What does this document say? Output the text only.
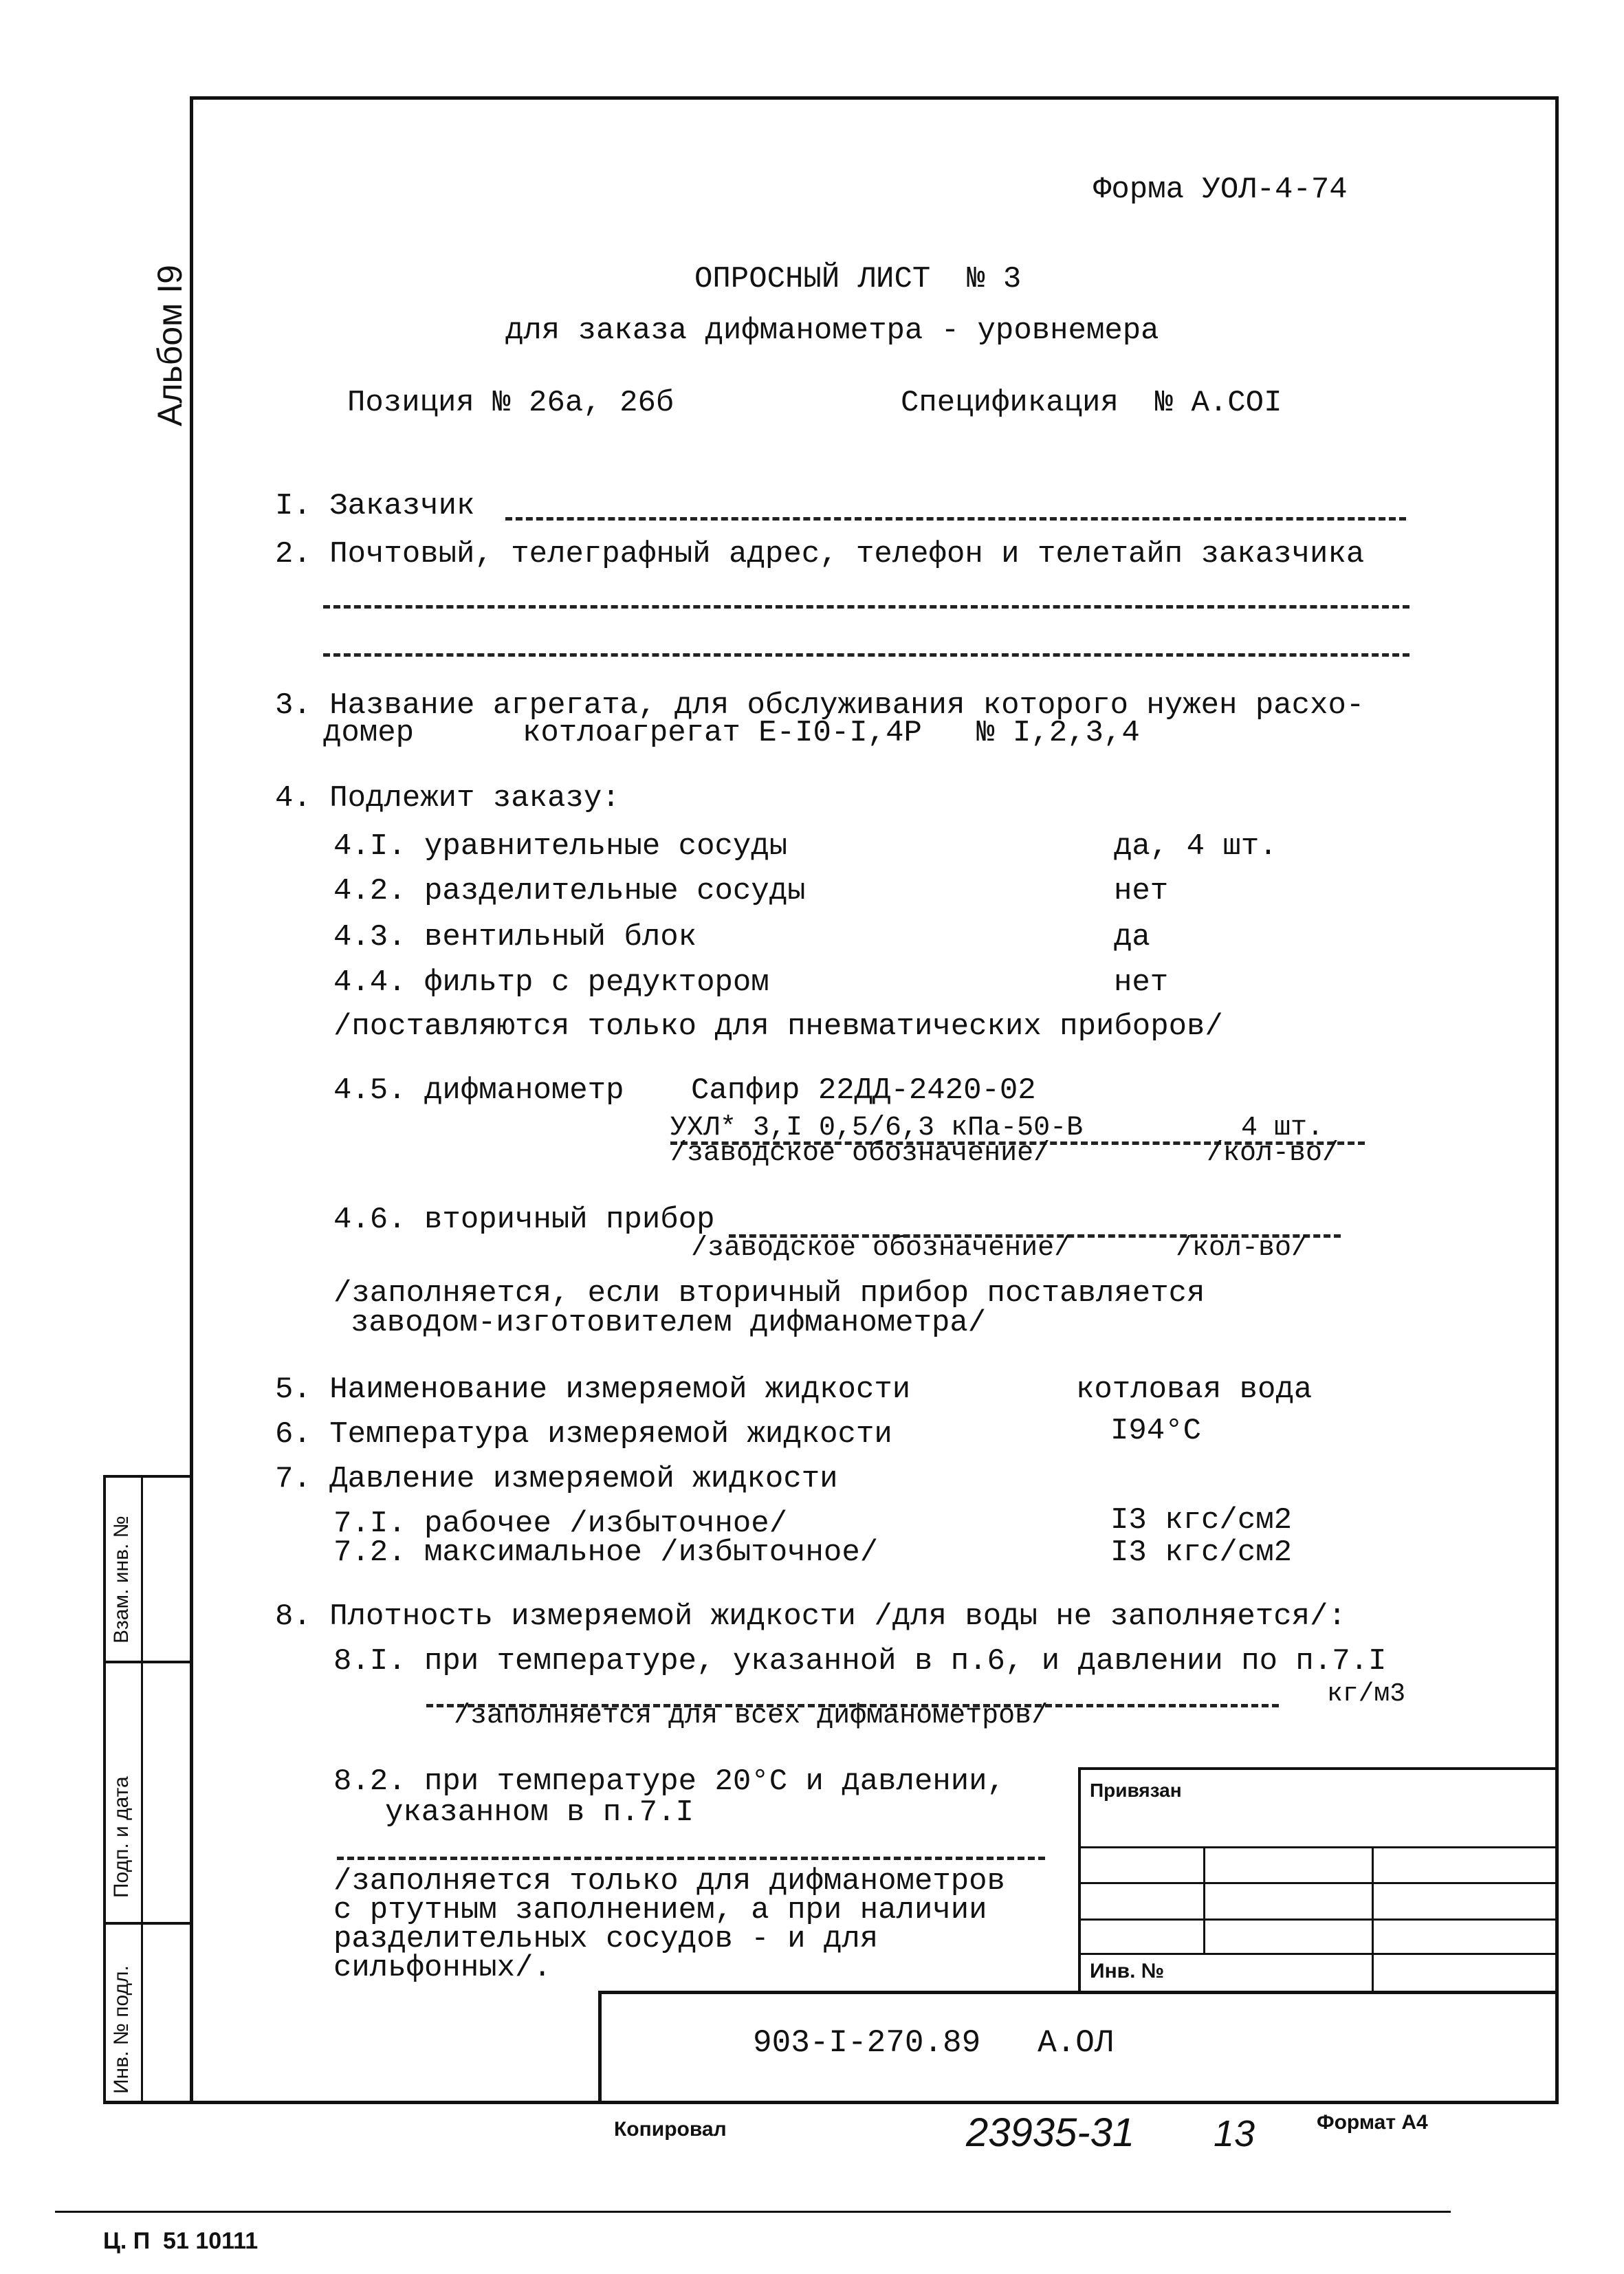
Альбом I9
Взам. инв. №
Подп. и дата
Инв. № подл.
Форма УОЛ-4-74
ОПРОСНЫЙ ЛИСТ  № 3
для заказа дифманометра - уровнемера
Позиция № 26а, 26б	Спецификация  № А.СОI
I. Заказчик
2. Почтовый, телеграфный адрес, телефон и телетайп заказчика
3. Название агрегата, для обслуживания которого нужен расхо-
домер	котлоагрегат Е-I0-I,4Р   № I,2,3,4
4. Подлежит заказу:
4.I. уравнительные сосуды	да, 4 шт.
4.2. разделительные сосуды	нет
4.3. вентильный блок	да
4.4. фильтр с редуктором	нет
/поставляются только для пневматических приборов/
4.5. дифманометр Сапфир 22ДД-2420-02
УХЛ* 3,I 0,5/6,3 кПа-50-В	4 шт.
/заводское обозначение/	/кол-во/
4.6. вторичный прибор
/заводское обозначение/	/кол-во/
/заполняется, если вторичный прибор поставляется
заводом-изготовителем дифманометра/
5. Наименование измеряемой жидкости	котловая вода
6. Температура измеряемой жидкости	I94°С
7. Давление измеряемой жидкости
7.I. рабочее /избыточное/	I3 кгс/см2
7.2. максимальное /избыточное/	I3 кгс/см2
8. Плотность измеряемой жидкости /для воды не заполняется/:
8.I. при температуре, указанной в п.6, и давлении по п.7.I
кг/м3
/заполняется для всех дифманометров/
8.2. при температуре 20°С и давлении,
указанном в п.7.I
/заполняется только для дифманометров
с ртутным заполнением, а при наличии
разделительных сосудов - и для
сильфонных/.
Привязан
Инв. №
903-I-270.89   А.ОЛ
Копировал	23935-31 13	Формат А4
Ц. П  51 10111
